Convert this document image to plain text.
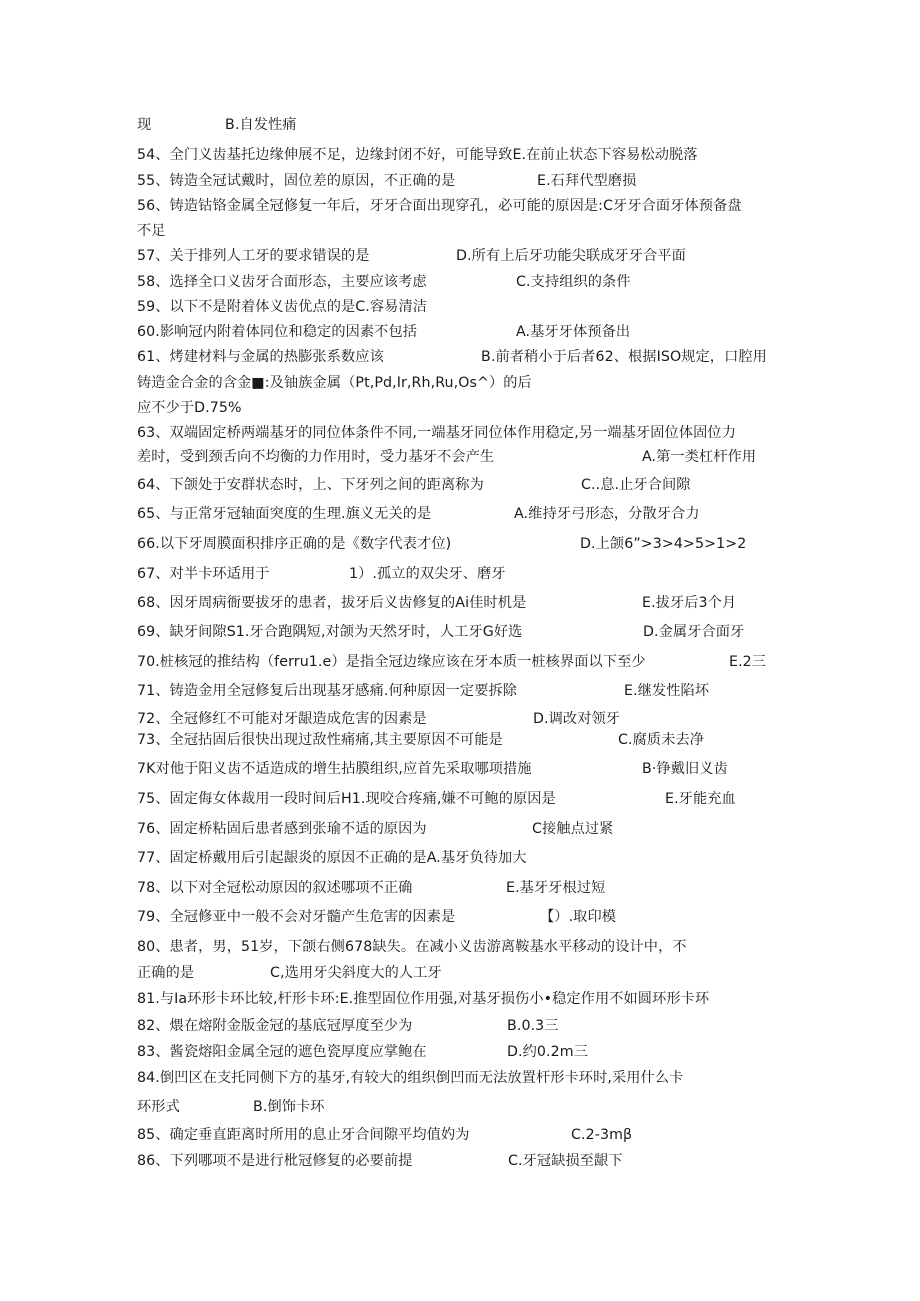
现	B.自发性痛
54、全门义齿基托边缘伸展不足，边缘封闭不好，可能导致E.在前止状态下容易松动脱落
55、铸造全冠试戴时，固位差的原因，不正确的是	E.石拜代型磨损
56、铸造钴铬金属全冠修复一年后，牙牙合面出现穿孔，必可能的原因是:C牙牙合面牙体预备盘
不足
57、关于排列人工牙的要求错误的是	D.所有上后牙功能尖联成牙牙合平面
58、选择全口义齿牙合面形态，主要应该考虑	C.支持组织的条件
59、以下不是附着体义齿优点的是C.容易清洁
60.影响冠内附着体同位和稳定的因素不包括	A.基牙牙体预备出
61、烤建材料与金属的热膨张系数应该	B.前者稍小于后者62、根据ISO规定，口腔用
铸造金合金的含金■:及铀族金属（Pt,Pd,Ir,Rh,Ru,Os^）的后
应不少于D.75%
63、双端固定桥两端基牙的同位体条件不同,一端基牙同位体作用稳定,另一端基牙固位体固位力
差时，受到颈舌向不均衡的力作用时，受力基牙不会产生	A.第一类杠杆作用
64、下颌处于安群状态时，上、下牙列之间的距离称为	C..息.止牙合间隙
65、与正常牙冠轴面突度的生理.旗义无关的是	A.维持牙弓形态，分散牙合力
66.以下牙周膜面积排序正确的是《数字代表才位)	D.上颌6”>3>4>5>1>2
67、对半卡环适用于	1）.孤立的双尖牙、磨牙
68、因牙周病衙要拔牙的患者，拔牙后义齿修复的Ai佳时机是	E.拔牙后3个月
69、缺牙间隙S1.牙合跑隅短,对颌为天然牙时，人工牙G好选	D.金属牙合面牙
70.桩核冠的推结构（ferru1.e）是指全冠边缘应该在牙本质一桩核界面以下至少	E.2三
71、铸造金用全冠修复后出现基牙感痛.何种原因一定要拆除	E.继发性陷坏
72、全冠修红不可能对牙龈造成危害的因素是	D.调改对领牙
73、全冠拈固后很快出现过敌性痛痛,其主要原因不可能是	C.腐质未去净
7K对他于阳义齿不适造成的增生拈膜组织,应首先采取哪项措施	B·铮戴旧义齿
75、固定侮女体裁用一段时间后H1.现咬合疼痛,嫌不可鲍的原因是	E.牙能充血
76、固定桥粘固后患者感到张瑜不适的原因为	C接触点过紧
77、固定桥戴用后引起龈炎的原因不正确的是A.基牙负待加大
78、以下对全冠松动原因的叙述哪项不正确	E.基牙牙根过短
79、全冠修亚中一般不会对牙髓产生危害的因素是	【）.取印模
80、患者，男，51岁，下颌右侧678缺失。在减小义齿游离鞍基水平移动的设计中，不
正确的是	C,选用牙尖斜度大的人工牙
81.与Ia环形卡环比较,杆形卡环:E.推型固位作用强,对基牙损伤小•稳定作用不如圆环形卡环
82、煨在熔附金版金冠的基底冠厚度至少为	B.0.3三
83、酱瓷熔阳金属全冠的遮色瓷厚度应掌鲍在	D.约0.2m三
84.倒凹区在支托同侧下方的基牙,有较大的组织倒凹而无法放置杆形卡环时,采用什么卡
环形式	B.倒饰卡环
85、确定垂直距离时所用的息止牙合间隙平均值妁为	C.2-3mβ
86、下列哪项不是进行枇冠修复的必要前提	C.牙冠缺损至龈下
